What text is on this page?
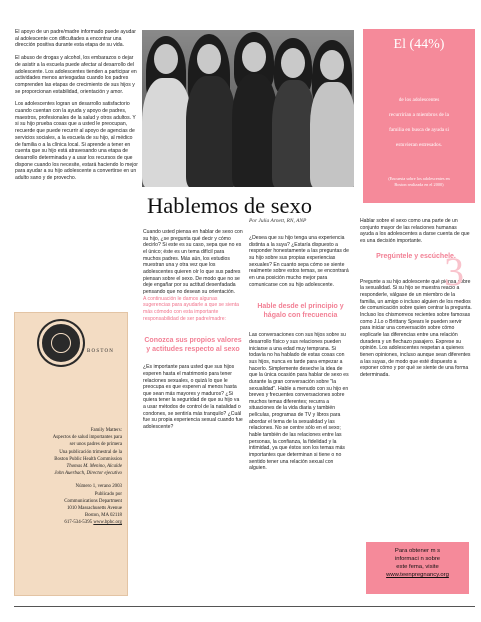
El apoyo de un padre/madre informado puede ayudar al adolescente con dificultades a encontrar una dirección positiva durante esta etapa de su vida.

El abuso de drogas y alcohol, los embarazos o dejar de asistir a la escuela puede afectar al desarrollo del adolescente. Los adolescentes tienden a participar en actividades menos arriesgadas cuando los padres comprenden las etapas de crecimiento de sus hijos y se proporcionan estabilidad, orientación y amor.

Los adolescentes logran un desarrollo satisfactorio cuando cuentan con la ayuda y apoyo de padres, maestros, profesionales de la salud y otros adultos. Y si su hijo prueba cosas que a usted le preocupan, recuerde que puede recurrir al apoyo de agencias de servicios sociales, a la escuela de su hijo, al médico de familia o a la clínica local. Si aprende a tener en cuenta que su hijo está atravesando una etapa de desarrollo determinada y a usar los recursos de que dispone cuando los necesite, estará haciendo lo mejor para ayudar a su hijo adolescente a convertirse en un adulto sano y de provecho.

BOSTON
Family Matters:
Aspectos de salud importantes para
ser unos padres de primera
Una publicación trimestral de la
Boston Public Health Commission
Thomas M. Menino, Alcalde
John Auerbach, Director ejecutivo
Número 1, verano 2003
Publicado por
Communications Department
1010 Massachusetts Avenue
Boston, MA 02118
617-534-5395 www.bphc.org
El (44%)
de los adolescentes
recurrirían a miembros de la
familia en busca de ayuda si
estuvieran estresados.
(Encuesta sobre los adolescentes en
Boston realizada en el 2000)
Hablemos de sexo
Por Julia Arnett, RN, ANP

Cuando usted piensa en hablar de sexo con su hijo, ¿se pregunta qué decir y cómo decirlo? Si este es su caso, sepa que no es el único; éste es un tema difícil para muchos padres. Más aún, los estudios muestran una y otra vez que los adolescentes quieren oír lo que sus padres piensan sobre el sexo. De modo que no se deje engañar por su actitud desenfadada pensando que no desean su orientación.

A continuación le damos algunas sugerencias para ayudarle a que se sienta más cómodo con esta importante responsabilidad de ser padre/madre:

Conozca sus propios valores y actitudes respecto al sexo

¿Es importante para usted que sus hijos esperen hasta el matrimonio para tener relaciones sexuales, o quizá lo que le preocupa es que esperen al menos hasta que sean más mayores y maduros? ¿Si quiera tener la seguridad de que su hijo va a usar métodos de control de la natalidad o condones, se sentiría más tranquilo? ¿Cuál fue su propia experiencia sexual cuando fue adolescente?

¿Desea que su hijo tenga una experiencia distinta a la suya? ¿Estaría dispuesto a responder honestamente a las preguntas de su hijo sobre sus propias experiencias sexuales? En cuanto sepa cómo se siente realmente sobre estos temas, se encontrará en una posición mucho mejor para comunicarse con su hijo adolescente.

Hable desde el principio y hágalo con frecuencia

Las conversaciones con sus hijos sobre su desarrollo físico y sus relaciones pueden iniciarse a una edad muy temprana. Si todavía no ha hablado de estas cosas con sus hijos, nunca es tarde para empezar a hacerlo. Simplemente deseche la idea de que la única ocasión para hablar de sexo es durante la gran conversación sobre "la sexualidad". Hable a menudo con su hijo en breves y frecuentes conversaciones sobre muchos temas diferentes; recurra a situaciones de la vida diaria y también películas, programas de TV y libros para abordar el tema de la sexualidad y las relaciones. No se centre sólo en el sexo; hable también de las relaciones entre las personas, la confianza, la fidelidad y la intimidad, ya que éstos son los temas más importantes que determinan si tiene o no sentido tener una relación sexual con alguien.

Hablar sobre el sexo como una parte de un conjunto mayor de las relaciones humanas ayuda a los adolescentes a darse cuenta de que es una decisión importante.

Pregúntele y escúchele.
3

Pregunte a su hijo adolescente qué piensa sobre la sexualidad. Si su hijo se muestra reacio a responderle, válgase de un miembro de la familia, un amigo o incluso alguien de los medios de comunicación sobre quien centrar la pregunta. Incluso los chismorreos recientes sobre famosas como J.Lo o Brittany Spears le pueden servir para iniciar una conversación sobre cómo explicarle las diferencias entre una relación duradera y un flechazo pasajero. Exprese su opinión. Los adolescentes respetan a quienes tienen opiniones, incluso aunque sean diferentes a las suyas, de modo que esté dispuesto a exponer cómo y por qué se siente de una forma determinada.

Para obtener m s
informaci n sobre
este fema, visite
www.teenpregnancy.org
